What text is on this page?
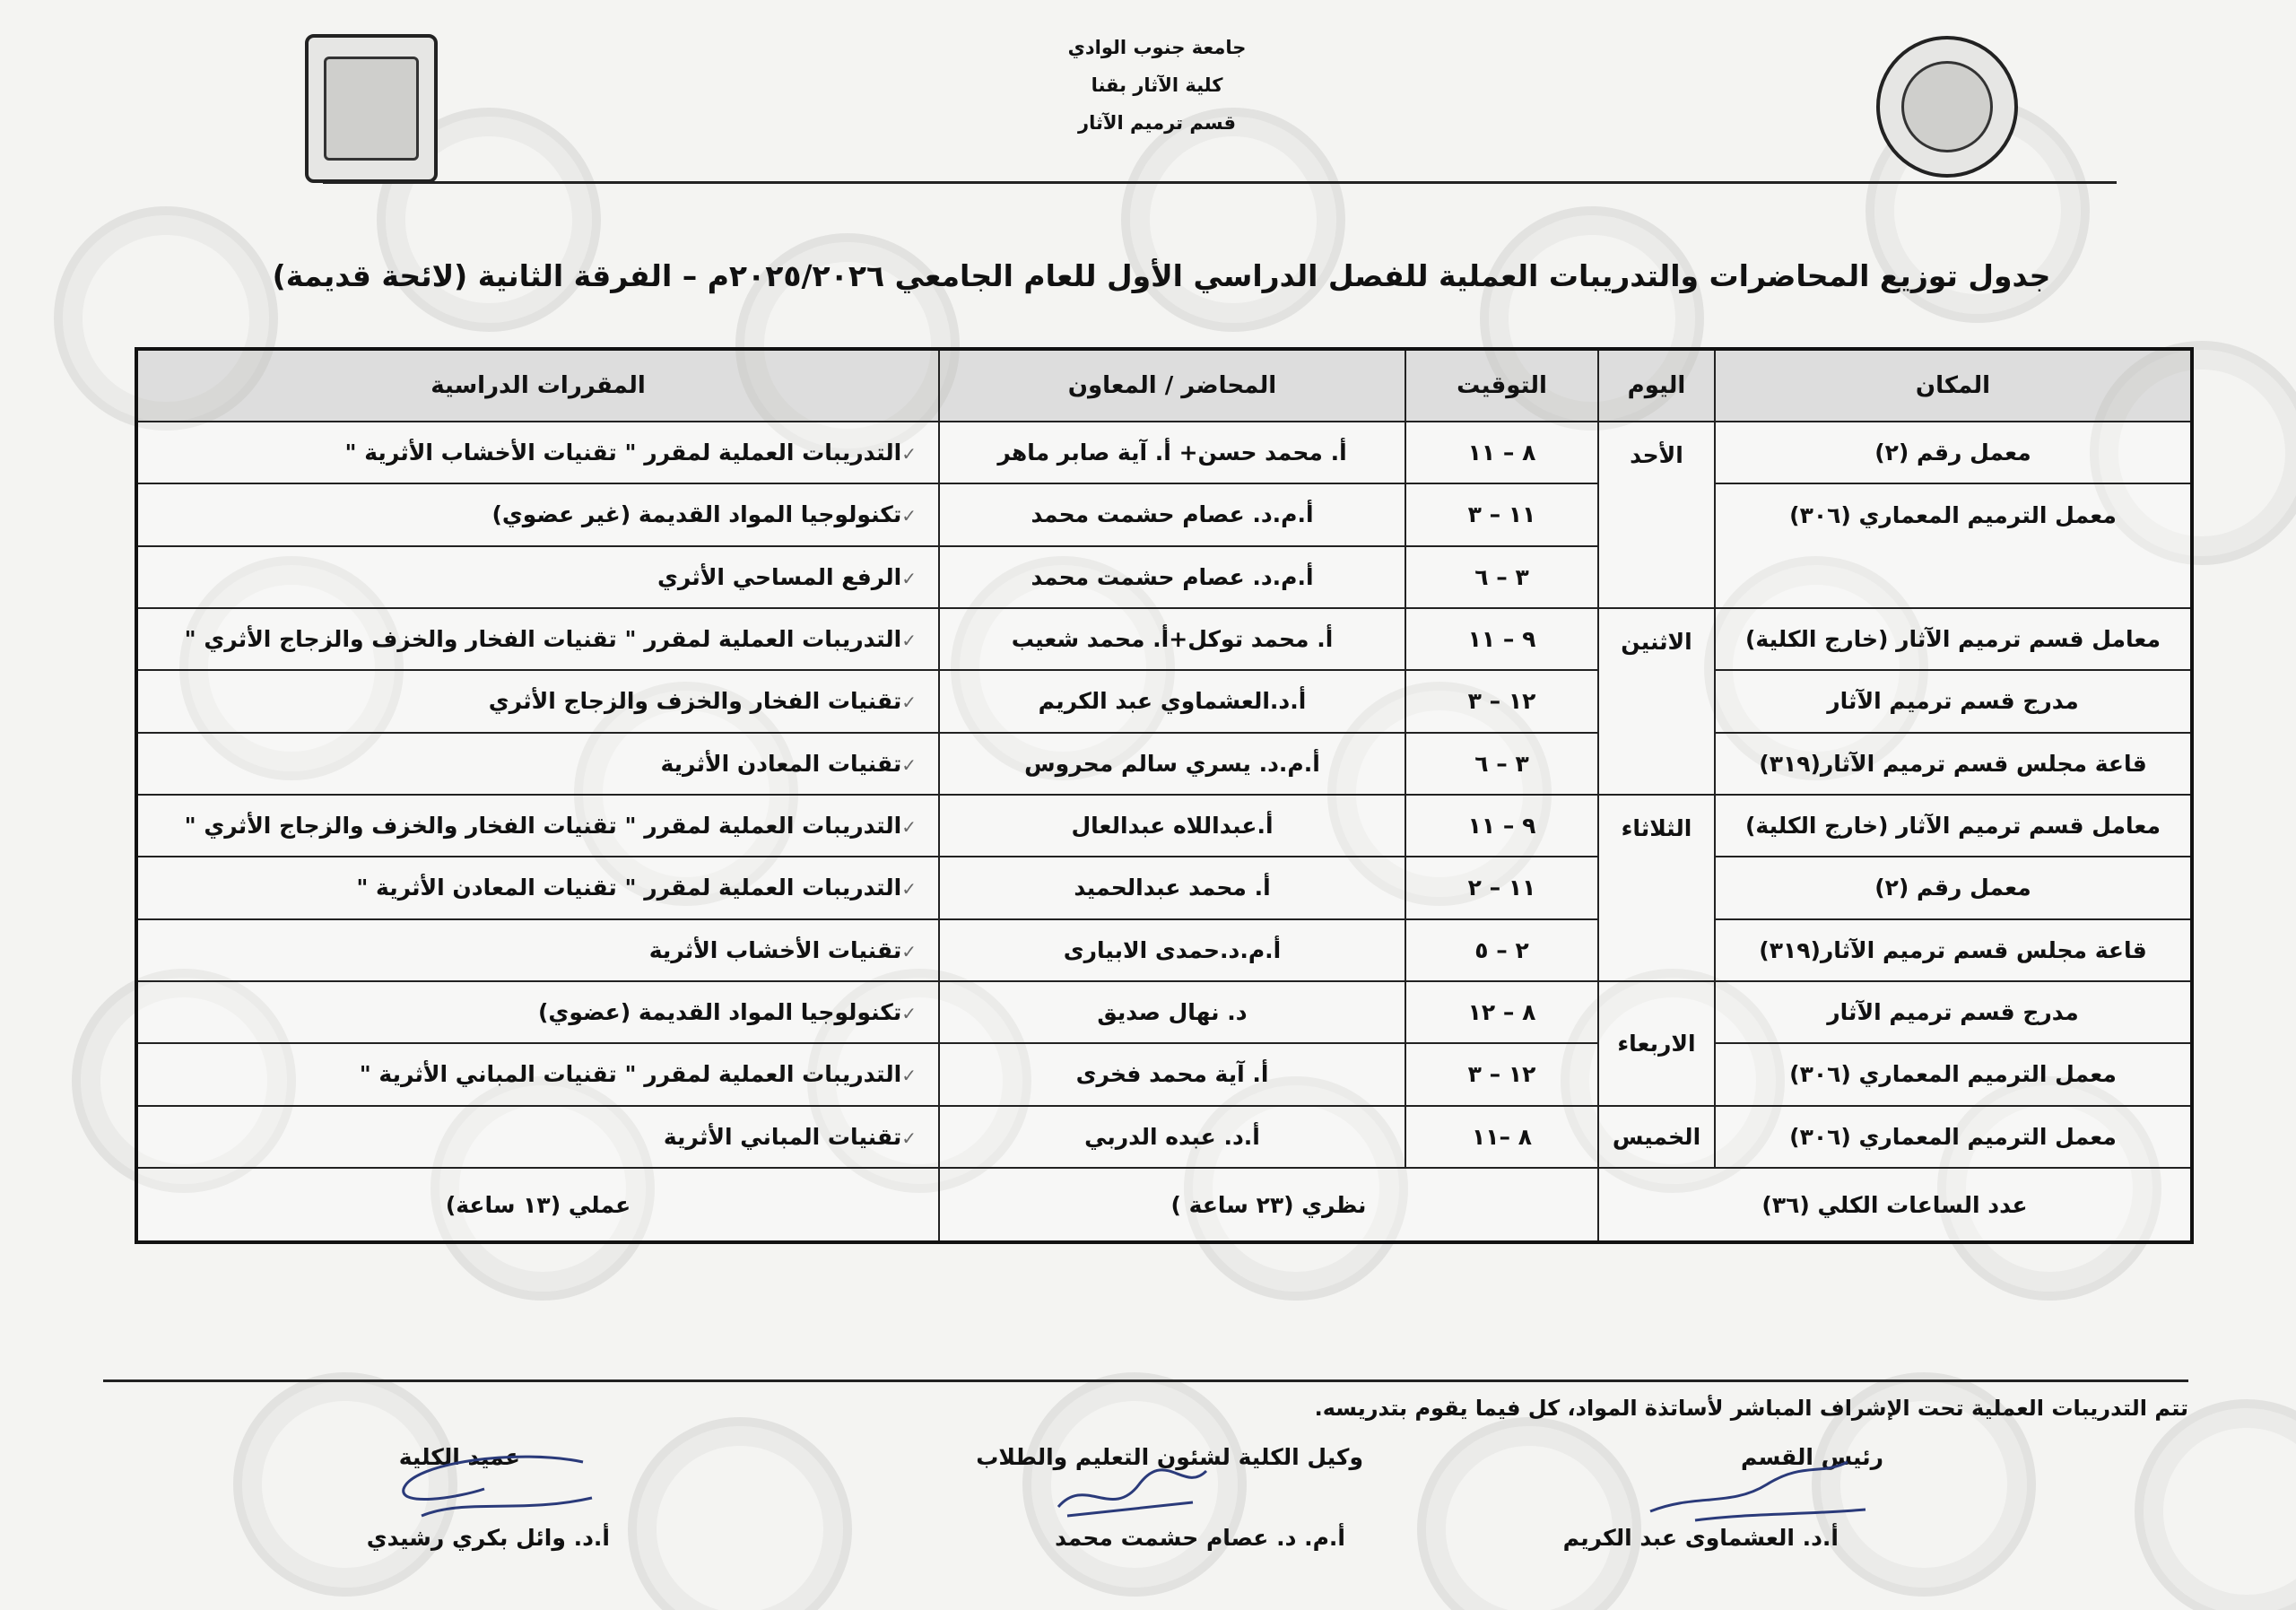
جامعة جنوب الوادي
كلية الآثار بقنا
قسم ترميم الآثار
جدول توزيع المحاضرات والتدريبات العملية للفصل الدراسي الأول للعام الجامعي ٢٠٢٥/٢٠٢٦م – الفرقة الثانية (لائحة قديمة)
المكان	اليوم	التوقيت	المحاضر / المعاون	المقررات الدراسية
معمل رقم (٢)	الأحد	٨ – ١١	أ. محمد حسن+ أ. آية صابر ماهر	✓التدريبات العملية لمقرر " تقنيات الأخشاب الأثرية "
معمل الترميم المعماري (٣٠٦)		١١ – ٣	أ.م.د. عصام حشمت محمد	✓تكنولوجيا المواد القديمة (غير عضوي)
		٣ – ٦	أ.م.د. عصام حشمت محمد	✓الرفع المساحي الأثري
معامل قسم ترميم الآثار (خارج الكلية)	الاثنين	٩ – ١١	أ. محمد توكل+أ. محمد شعيب	✓التدريبات العملية لمقرر " تقنيات الفخار والخزف والزجاج الأثري "
مدرج قسم ترميم الآثار		١٢ – ٣	أ.د.العشماوي عبد الكريم	✓تقنيات الفخار والخزف والزجاج الأثري
قاعة مجلس قسم ترميم الآثار(٣١٩)		٣ – ٦	أ.م.د. يسري سالم محروس	✓تقنيات المعادن الأثرية
معامل قسم ترميم الآثار (خارج الكلية)	الثلاثاء	٩ – ١١	أ.عبداللاه عبدالعال	✓التدريبات العملية لمقرر " تقنيات الفخار والخزف والزجاج الأثري "
معمل رقم (٢)		١١ – ٢	أ. محمد عبدالحميد	✓التدريبات العملية لمقرر " تقنيات المعادن الأثرية "
قاعة مجلس قسم ترميم الآثار(٣١٩)		٢ – ٥	أ.م.د.حمدى الابيارى	✓تقنيات الأخشاب الأثرية
مدرج قسم ترميم الآثار	الاربعاء	٨ – ١٢	د. نهال صديق	✓تكنولوجيا المواد القديمة (عضوي)
معمل الترميم المعماري (٣٠٦)		١٢ – ٣	أ. آية محمد فخرى	✓التدريبات العملية لمقرر " تقنيات المباني الأثرية "
معمل الترميم المعماري (٣٠٦)	الخميس	٨ –١١	أ.د. عبده الدربي	✓تقنيات المباني الأثرية
عدد الساعات الكلي (٣٦)		نظري (٢٣ ساعة )		عملي (١٣ ساعة)
تتم التدريبات العملية تحت الإشراف المباشر لأساتذة المواد، كل فيما يقوم بتدريسه.
رئيس القسم
أ.د. العشماوى عبد الكريم
وكيل الكلية لشئون التعليم والطلاب
أ.م. د. عصام حشمت محمد
عميد الكلية
أ.د. وائل بكري رشيدي
